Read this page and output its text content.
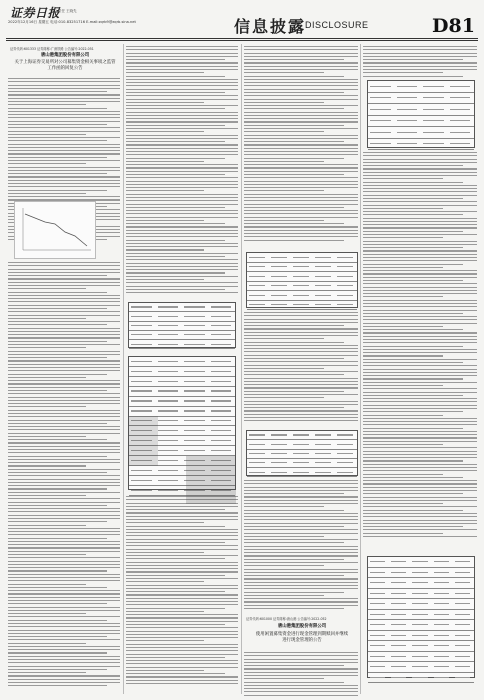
证券日报
责任 王晓先
2022年12月16日 星期五 电话:010-83251716 E-mail:zqrb9@zqrb.sina.net	信息披露
DISCLOSURE	D81
证券代码:601333 证券简称:广深铁路 公告编号:2022-051
唐山港集团股份有限公司
关于上海证券交易所对公司募集资金相关事项之监管工作函的回复公告
证券代码:601000 证券简称:唐山港 公告编号:2022-052
唐山港集团股份有限公司
使用闲置募集资金进行现金管理到期赎回并继续进行现金管理的公告
